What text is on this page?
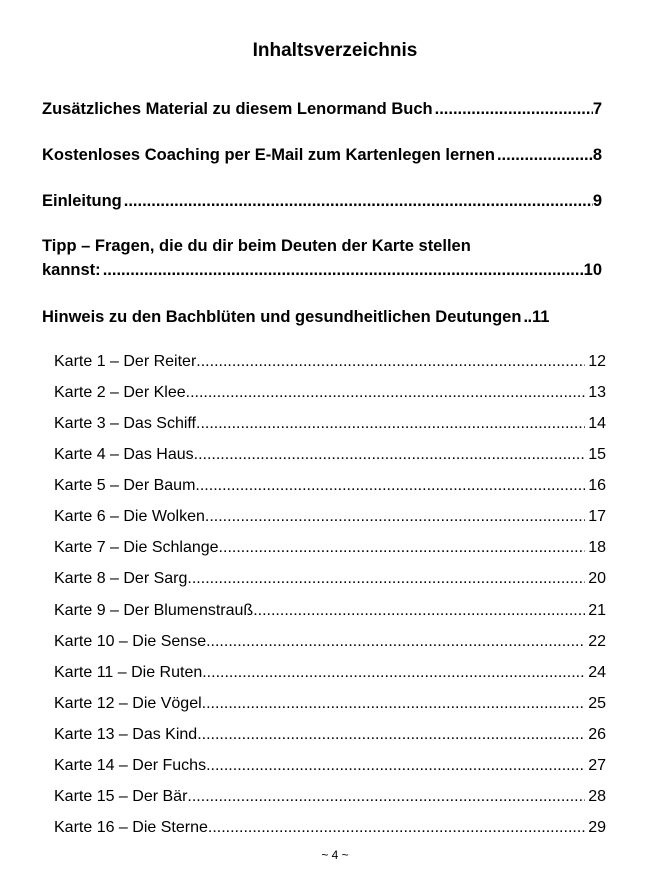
Inhaltsverzeichnis
Zusätzliches Material zu diesem Lenormand Buch .....	7
Kostenloses Coaching per E-Mail zum Kartenlegen lernen .....	8
Einleitung .....	9
Tipp – Fragen, die du dir beim Deuten der Karte stellen
kannst: .....	10
Hinweis zu den Bachblüten und gesundheitlichen Deutungen ..... .11
Karte 1 – Der Reiter .....	12
Karte 2 – Der Klee .....	13
Karte 3 – Das Schiff .....	14
Karte 4 – Das Haus .....	15
Karte 5 – Der Baum .....	16
Karte 6 – Die Wolken .....	17
Karte 7 – Die Schlange .....	18
Karte 8 – Der Sarg .....	20
Karte 9 – Der Blumenstrauß .....	21
Karte 10 – Die Sense .....	22
Karte 11 – Die Ruten .....	24
Karte 12 – Die Vögel .....	25
Karte 13 – Das Kind .....	26
Karte 14 – Der Fuchs .....	27
Karte 15 – Der Bär .....	28
Karte 16 – Die Sterne .....	29
~ 4 ~
